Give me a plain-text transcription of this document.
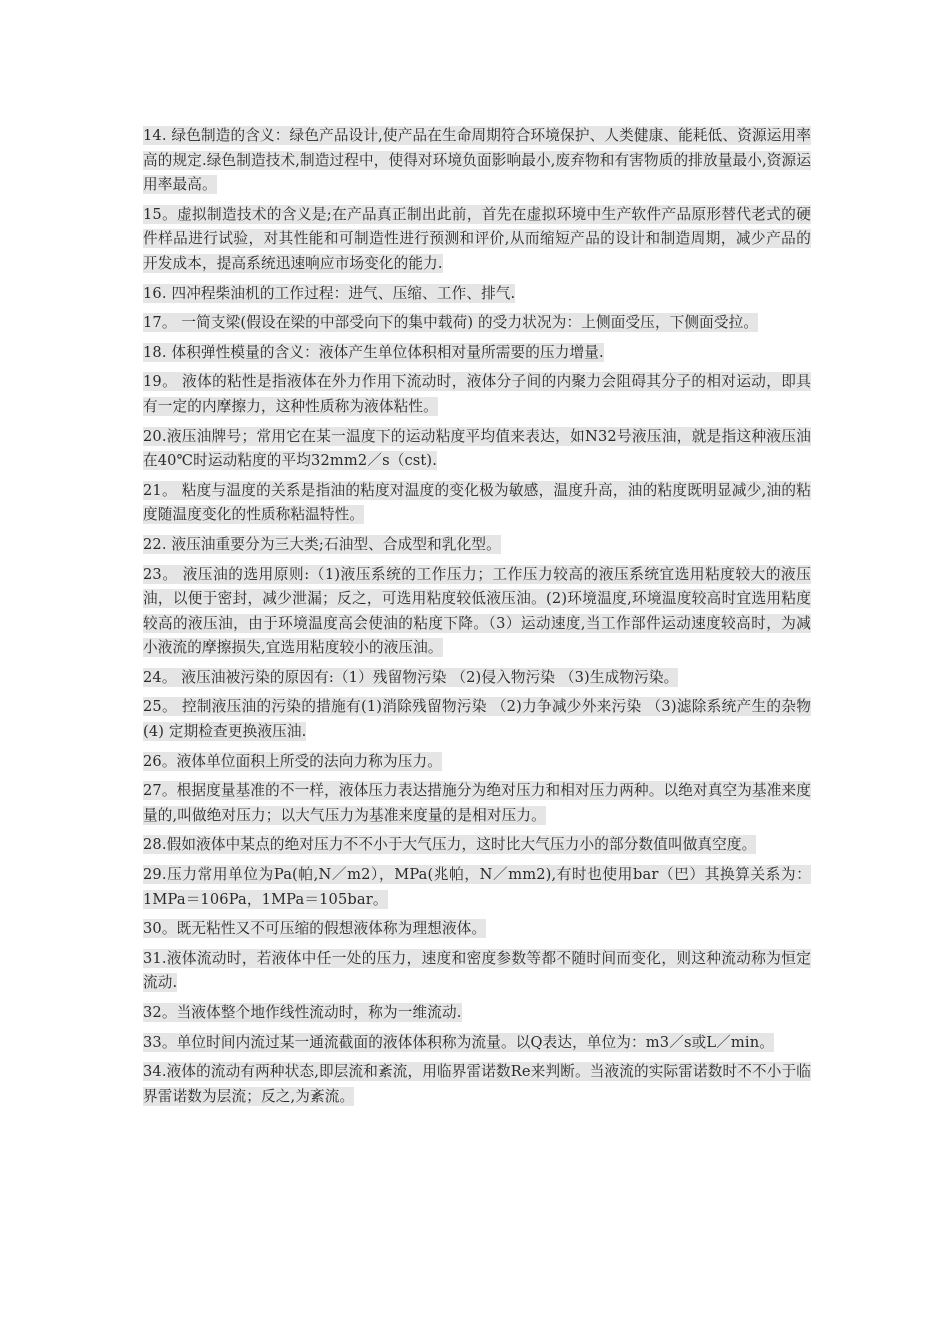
14. 绿色制造的含义：绿色产品设计,使产品在生命周期符合环境保护、人类健康、能耗低、资源运用率高的规定.绿色制造技术,制造过程中，使得对环境负面影响最小,废弃物和有害物质的排放量最小,资源运用率最高。

15。虚拟制造技术的含义是;在产品真正制出此前，首先在虚拟环境中生产软件产品原形替代老式的硬件样品进行试验，对其性能和可制造性进行预测和评价,从而缩短产品的设计和制造周期，减少产品的开发成本，提高系统迅速响应市场变化的能力.

16. 四冲程柴油机的工作过程：进气、压缩、工作、排气.

17。 一简支梁(假设在梁的中部受向下的集中载荷) 的受力状况为：上侧面受压，下侧面受拉。

18. 体积弹性模量的含义：液体产生单位体积相对量所需要的压力增量.

19。 液体的粘性是指液体在外力作用下流动时，液体分子间的内聚力会阻碍其分子的相对运动，即具有一定的内摩擦力，这种性质称为液体粘性。

20.液压油牌号；常用它在某一温度下的运动粘度平均值来表达，如N32号液压油，就是指这种液压油在40℃时运动粘度的平均32mm2／s（cst).

21。 粘度与温度的关系是指油的粘度对温度的变化极为敏感，温度升高，油的粘度既明显减少,油的粘度随温度变化的性质称粘温特性。

22. 液压油重要分为三大类;石油型、合成型和乳化型。

23。 液压油的选用原则:（1)液压系统的工作压力；工作压力较高的液压系统宜选用粘度较大的液压油，以便于密封，减少泄漏；反之，可选用粘度较低液压油。(2)环境温度,环境温度较高时宜选用粘度较高的液压油，由于环境温度高会使油的粘度下降。（3）运动速度,当工作部件运动速度较高时，为减小液流的摩擦损失,宜选用粘度较小的液压油。

24。 液压油被污染的原因有:（1）残留物污染 （2)侵入物污染 （3)生成物污染。

25。 控制液压油的污染的措施有(1)消除残留物污染 （2)力争减少外来污染 （3)滤除系统产生的杂物 (4) 定期检查更换液压油.

26。液体单位面积上所受的法向力称为压力。

27。根据度量基准的不一样，液体压力表达措施分为绝对压力和相对压力两种。以绝对真空为基准来度量的,叫做绝对压力；以大气压力为基准来度量的是相对压力。

28.假如液体中某点的绝对压力不不小于大气压力，这时比大气压力小的部分数值叫做真空度。

29.压力常用单位为Pa(帕,N／m2），MPa(兆帕，N／mm2),有时也使用bar（巴）其换算关系为：1MPa＝106Pa，1MPa＝105bar。

30。既无粘性又不可压缩的假想液体称为理想液体。

31.液体流动时，若液体中任一处的压力，速度和密度参数等都不随时间而变化，则这种流动称为恒定流动.

32。当液体整个地作线性流动时，称为一维流动.

33。单位时间内流过某一通流截面的液体体积称为流量。以Q表达，单位为：m3／s或L／min。

34.液体的流动有两种状态,即层流和紊流，用临界雷诺数Re来判断。当液流的实际雷诺数时不不小于临界雷诺数为层流；反之,为紊流。
